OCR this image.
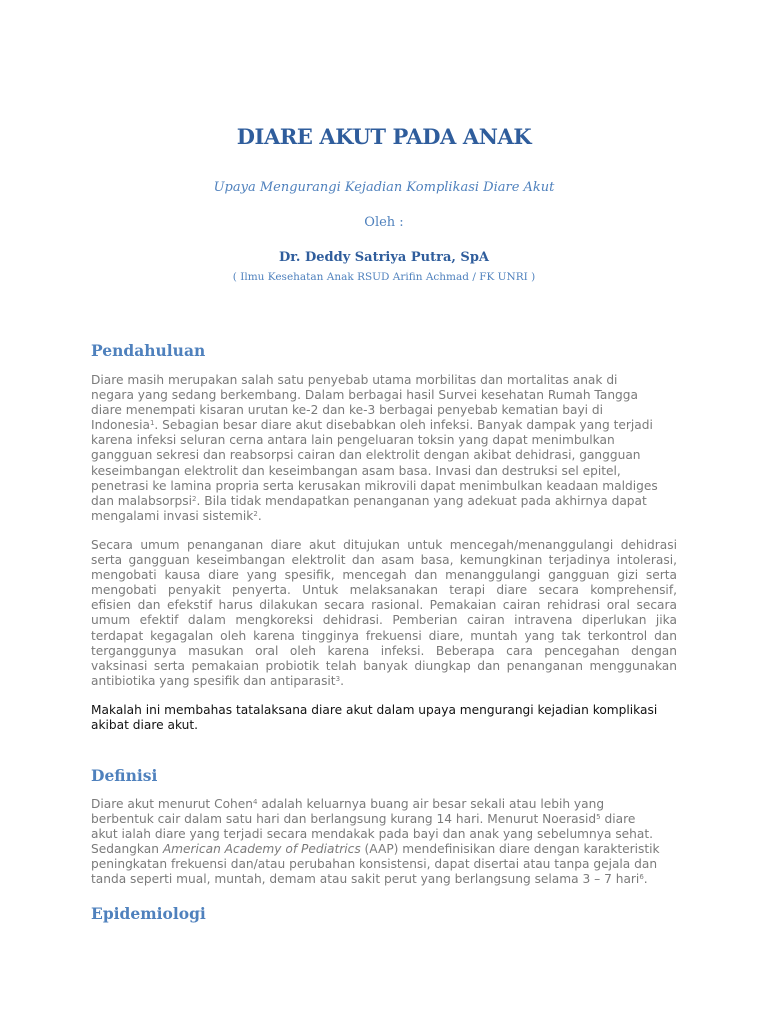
DIARE AKUT PADA ANAK
Upaya Mengurangi Kejadian Komplikasi Diare Akut
Oleh :
Dr. Deddy Satriya Putra, SpA
( Ilmu Kesehatan Anak RSUD Arifin Achmad / FK UNRI )
Pendahuluan
Diare masih merupakan salah satu penyebab utama morbilitas dan mortalitas anak di
negara yang sedang berkembang. Dalam berbagai hasil Survei kesehatan Rumah Tangga
diare menempati kisaran urutan ke-2 dan ke-3 berbagai penyebab kematian bayi di
Indonesia$^1$. Sebagian besar diare akut disebabkan oleh infeksi. Banyak dampak yang terjadi
karena infeksi seluran cerna antara lain pengeluaran toksin yang dapat menimbulkan
gangguan sekresi dan reabsorpsi cairan dan elektrolit dengan akibat dehidrasi, gangguan
keseimbangan elektrolit dan keseimbangan asam basa. Invasi dan destruksi sel epitel,
penetrasi ke lamina propria serta kerusakan mikrovili dapat menimbulkan keadaan maldiges
dan malabsorpsi$^2$. Bila tidak mendapatkan penanganan yang adekuat pada akhirnya dapat
mengalami invasi sistemik$^2$.
Secara umum penanganan diare akut ditujukan untuk mencegah/menanggulangi dehidrasi
serta gangguan keseimbangan elektrolit dan asam basa, kemungkinan terjadinya intolerasi,
mengobati kausa diare yang spesifik, mencegah dan menanggulangi gangguan gizi serta
mengobati penyakit penyerta. Untuk melaksanakan terapi diare secara komprehensif,
efisien dan efekstif harus dilakukan secara rasional. Pemakaian cairan rehidrasi oral secara
umum efektif dalam mengkoreksi dehidrasi. Pemberian cairan intravena diperlukan jika
terdapat kegagalan oleh karena tingginya frekuensi diare, muntah yang tak terkontrol dan
terganggunya masukan oral oleh karena infeksi. Beberapa cara pencegahan dengan
vaksinasi serta pemakaian probiotik telah banyak diungkap dan penanganan menggunakan
antibiotika yang spesifik dan antiparasit$^3$.
Makalah ini membahas tatalaksana diare akut dalam upaya mengurangi kejadian komplikasi
akibat diare akut.
Definisi
Diare akut menurut Cohen$^4$ adalah keluarnya buang air besar sekali atau lebih yang
berbentuk cair dalam satu hari dan berlangsung kurang 14 hari. Menurut Noerasid$^5$ diare
akut ialah diare yang terjadi secara mendakak pada bayi dan anak yang sebelumnya sehat.
Sedangkan American Academy of Pediatrics (AAP) mendefinisikan diare dengan karakteristik
peningkatan frekuensi dan/atau perubahan konsistensi, dapat disertai atau tanpa gejala dan
tanda seperti mual, muntah, demam atau sakit perut yang berlangsung selama 3 – 7 hari$^6$.
Epidemiologi
